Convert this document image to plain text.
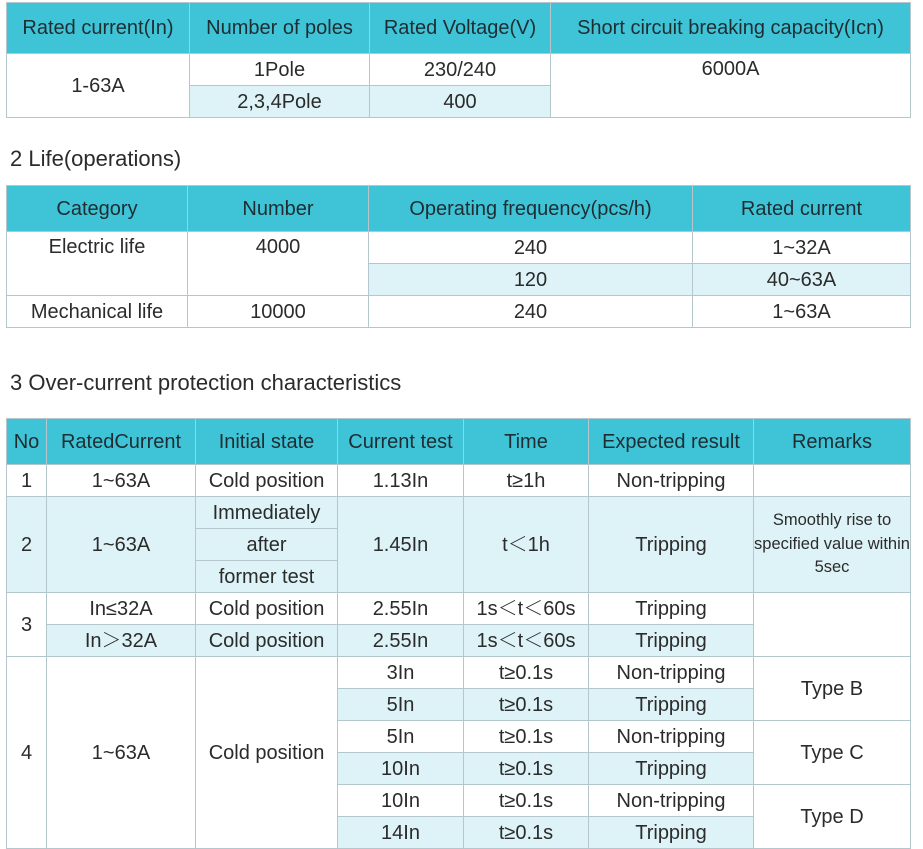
Rated current(In)	Number of poles	Rated Voltage(V)	Short circuit breaking capacity(Icn)
1-63A	1Pole	230/240	6000A
	2,3,4Pole	400	
2 Life(operations)
Category	Number	Operating frequency(pcs/h)	Rated current
Electric life	4000	240	1~32A
		120	40~63A
Mechanical life	10000	240	1~63A
3 Over-current protection characteristics
No	RatedCurrent	Initial state	Current test	Time	Expected result	Remarks
1	1~63A	Cold position	1.13In	t≥1h	Non-tripping	
2	1~63A	Immediately	1.45In	t＜1h	Tripping	Smoothly rise to specified value within 5sec
		after				
		former test				
3	In≤32A	Cold position	2.55In	1s＜t＜60s	Tripping	
	In＞32A	Cold position	2.55In	1s＜t＜60s	Tripping	
4	1~63A	Cold position	3In	t≥0.1s	Non-tripping	Type B
			5In	t≥0.1s	Tripping	
			5In	t≥0.1s	Non-tripping	Type C
			10In	t≥0.1s	Tripping	
			10In	t≥0.1s	Non-tripping	Type D
			14In	t≥0.1s	Tripping	
